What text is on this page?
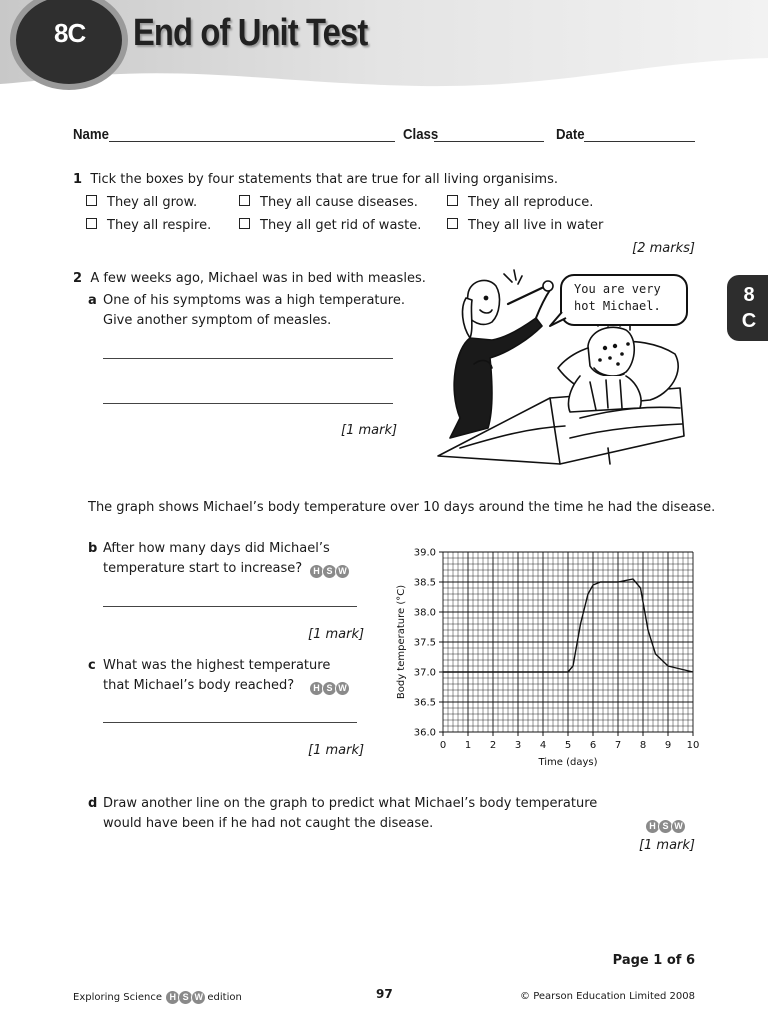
8C End of Unit Test
8
C
Name	Class	Date
1 Tick the boxes by four statements that are true for all living organisims.
They all grow.	They all cause diseases.	They all reproduce.
They all respire.	They all get rid of waste.	They all live in water
[2 marks]
2 A few weeks ago, Michael was in bed with measles.
a One of his symptoms was a high temperature.
Give another symptom of measles.
[1 mark]
You are very
hot Michael.
The graph shows Michael’s body temperature over 10 days around the time he had the disease.
b After how many days did Michael’s
temperature start to increase?	H S W
[1 mark]
c What was the highest temperature
that Michael’s body reached?	H S W
[1 mark]	0 1 2 3 4 5 6 7 8 9 10
36.0
36.5
37.0
37.5
38.0
38.5
39.0
Time (days)
Body temperature (°C)
d Draw another line on the graph to predict what Michael’s body temperature
would have been if he had not caught the disease.	H S W
[1 mark]
Page 1 of 6
Exploring Science H S W edition	97	© Pearson Education Limited 2008
